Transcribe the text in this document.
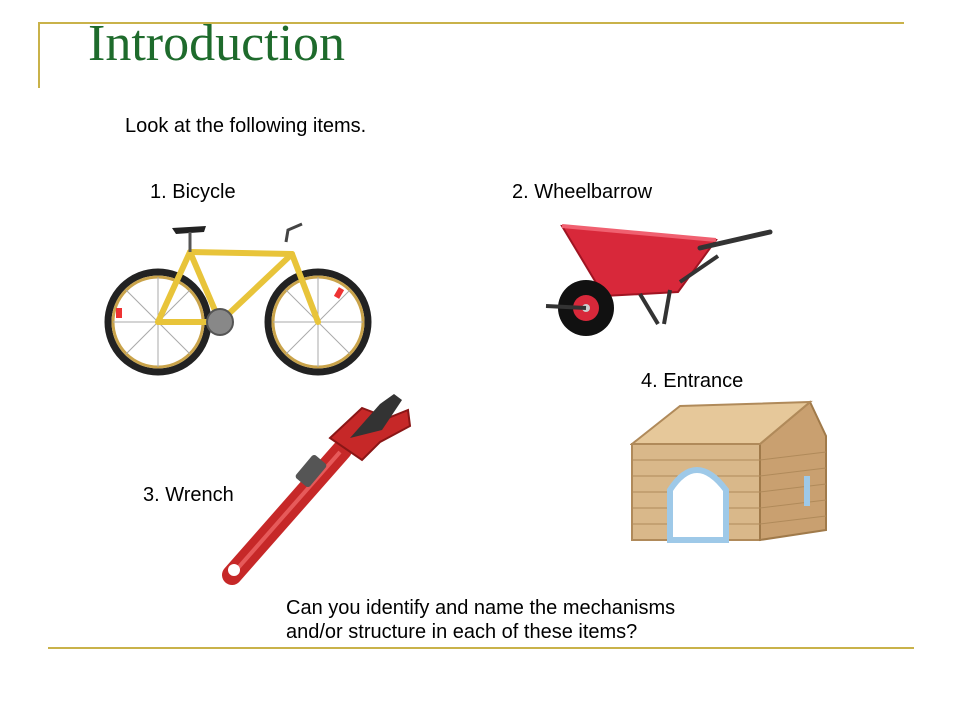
Introduction
Look at the following items.
1. Bicycle	2. Wheelbarrow
3. Wrench
4. Entrance
Can you identify and name the mechanisms and/or structure in each of these items?
